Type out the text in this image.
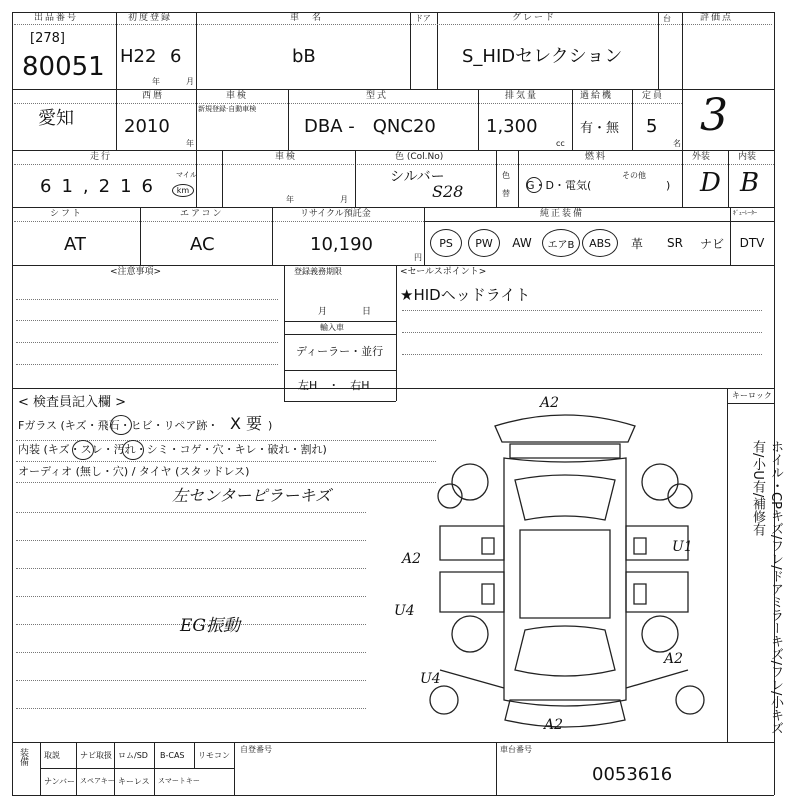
出品番号
[278]
80051
初度登録
H22 6
年	月
車　名
bB
ドア	グレード
S_HIDセレクション
台	評価点
3
愛知
西暦
2010
年
車検
新規登録·自動車検
型式
DBA -　QNC20
排気量
1,300
cc
過給機
有・無
定員
5
名
走行
61,216
マイル
km
車検
年	月
色 (Col.No)
シルバー
S28
色
替
燃料
G・D・電気(
その他
)
外装
D
内装
B
シフト
AT
エアコン
AC
リサイクル預託金
10,190
円
純正装備	ｷﾞｭｰﾚｰﾀｰ
PS	PW	AW	エアB	ABS	革	SR	ナビ	DTV
<注意事項>	登録義務期限
月	日
輸入車
ディーラー・並行
左H　・　右H
<セールスポイント>
★HIDヘッドライト
< 検査員記入欄 >
Fガラス (キズ・飛石・ヒビ・リペア跡・ X 要 )
内装 (キズ・スレ・汚れ・シミ・コゲ・穴・キレ・破れ・割れ)
オーディオ (無し・穴) / タイヤ (スタッドレス)
左センターピラーキズ
EG振動
キーロック
ホイル・CPキズ/ワレ/ドアミラーキズ/ワレ/小キズ有/小U有/補修有
A2
A2
U1
A2
A2
U4
U4
装備 取説	ナビ取扱 ロム/SD B-CAS リモコン
ナンバー スペアキー キーレス スマートキー
自登番号	車台番号
0053616
